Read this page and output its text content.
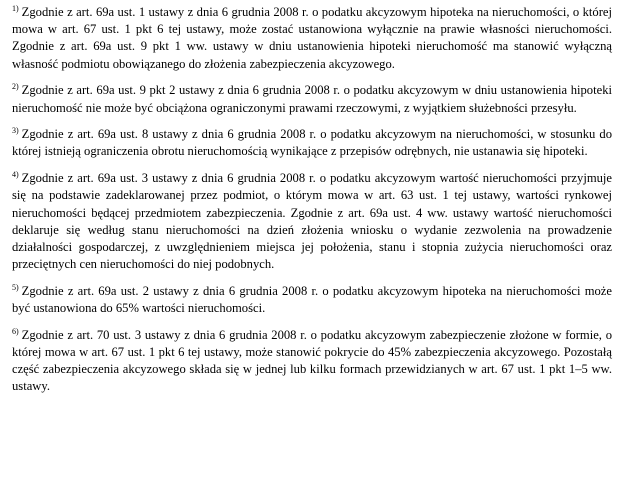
$^{1)}$ Zgodnie z art. 69a ust. 1 ustawy z dnia 6 grudnia 2008 r. o podatku akcyzowym hipoteka na nieruchomości, o której mowa w art. 67 ust. 1 pkt 6 tej ustawy, może zostać ustanowiona wyłącznie na prawie własności nieruchomości. Zgodnie z art. 69a ust. 9 pkt 1 ww. ustawy w dniu ustanowienia hipoteki nieruchomość ma stanowić wyłączną własność podmiotu obowiązanego do złożenia zabezpieczenia akcyzowego.

$^{2)}$ Zgodnie z art. 69a ust. 9 pkt 2 ustawy z dnia 6 grudnia 2008 r. o podatku akcyzowym w dniu ustanowienia hipoteki nieruchomość nie może być obciążona ograniczonymi prawami rzeczowymi, z wyjątkiem służebności przesyłu.

$^{3)}$ Zgodnie z art. 69a ust. 8 ustawy z dnia 6 grudnia 2008 r. o podatku akcyzowym na nieruchomości, w stosunku do której istnieją ograniczenia obrotu nieruchomością wynikające z przepisów odrębnych, nie ustanawia się hipoteki.

$^{4)}$ Zgodnie z art. 69a ust. 3 ustawy z dnia 6 grudnia 2008 r. o podatku akcyzowym wartość nieruchomości przyjmuje się na podstawie zadeklarowanej przez podmiot, o którym mowa w art. 63 ust. 1 tej ustawy, wartości rynkowej nieruchomości będącej przedmiotem zabezpieczenia. Zgodnie z art. 69a ust. 4 ww. ustawy wartość nieruchomości deklaruje się według stanu nieruchomości na dzień złożenia wniosku o wydanie zezwolenia na prowadzenie działalności gospodarczej, z uwzględnieniem miejsca jej położenia, stanu i stopnia zużycia nieruchomości oraz przeciętnych cen nieruchomości do niej podobnych.

$^{5)}$ Zgodnie z art. 69a ust. 2 ustawy z dnia 6 grudnia 2008 r. o podatku akcyzowym hipoteka na nieruchomości może być ustanowiona do 65% wartości nieruchomości.

$^{6)}$ Zgodnie z art. 70 ust. 3 ustawy z dnia 6 grudnia 2008 r. o podatku akcyzowym zabezpieczenie złożone w formie, o której mowa w art. 67 ust. 1 pkt 6 tej ustawy, może stanowić pokrycie do 45% zabezpieczenia akcyzowego. Pozostałą część zabezpieczenia akcyzowego składa się w jednej lub kilku formach przewidzianych w art. 67 ust. 1 pkt 1–5 ww. ustawy.
